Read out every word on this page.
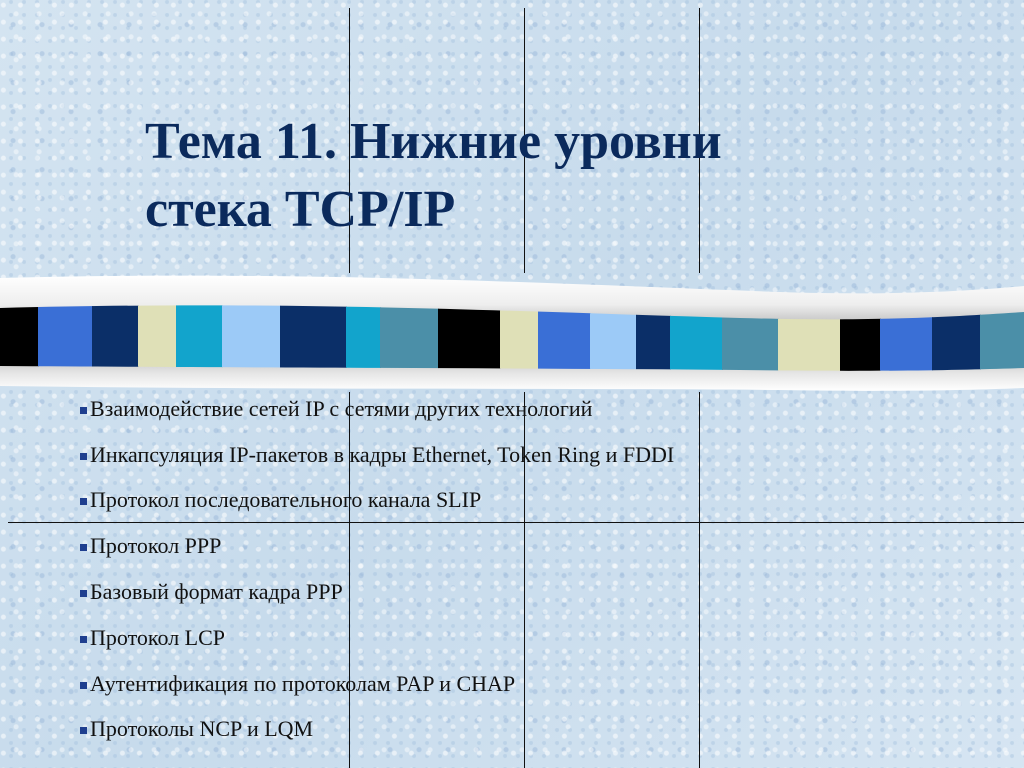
Тема 11. Нижние уровни
стека TCP/IP
Взаимодействие сетей IP с сетями других технологий
Инкапсуляция IP-пакетов в кадры Ethernet, Token Ring и FDDI
Протокол последовательного канала SLIP
Протокол PPP
Базовый формат кадра PPP
Протокол LCP
Аутентификация по протоколам PAP и CHAP
Протоколы NCP и LQM
